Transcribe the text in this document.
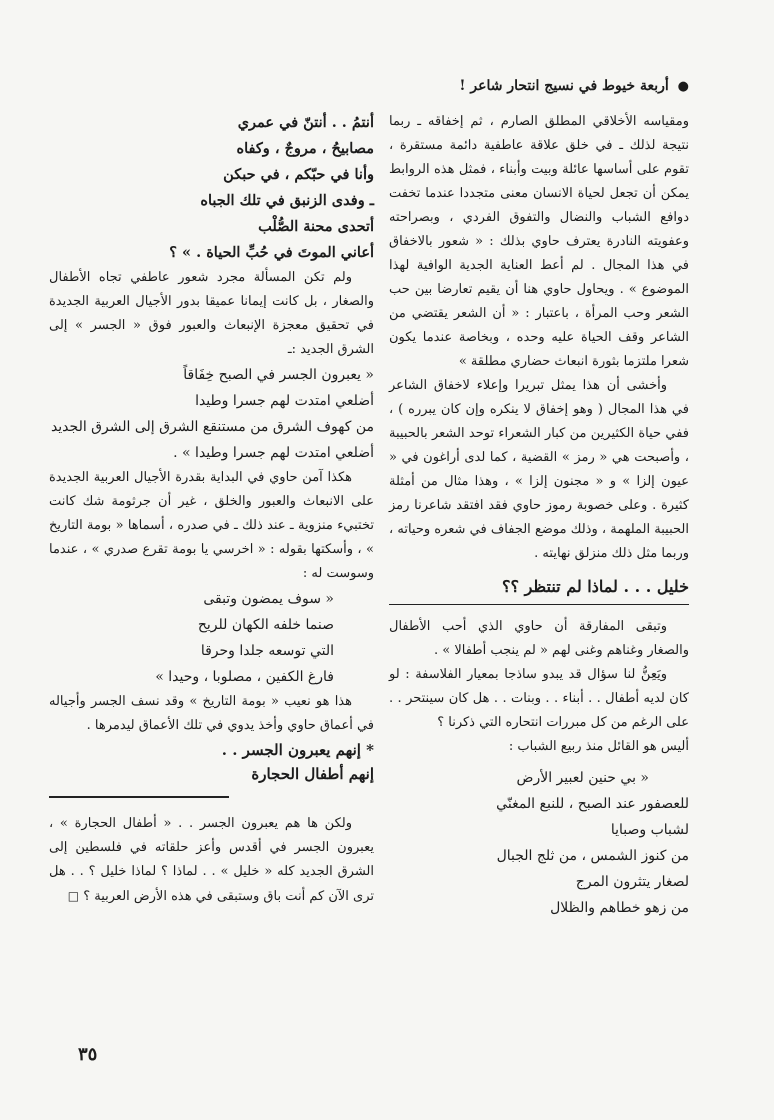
● أربعة خيوط في نسيج انتحار شاعر !

ومقياسه الأخلاقي المطلق الصارم ، ثم إخفاقه ـ ربما نتيجة لذلك ـ في خلق علاقة عاطفية دائمة مستقرة ، تقوم على أساسها عائلة وبيت وأبناء ، فمثل هذه الروابط يمكن أن تجعل لحياة الانسان معنى متجددا عندما تخفت دوافع الشباب والنضال والتفوق الفردي ، وبصراحته وعفويته النادرة يعترف حاوي بذلك : « شعور بالاخفاق في هذا المجال . لم أعط العناية الجدية الوافية لهذا الموضوع » . ويحاول حاوي هنا أن يقيم تعارضا بين حب الشعر وحب المرأة ، باعتبار : « أن الشعر يقتضي من الشاعر وقف الحياة عليه وحده ، وبخاصة عندما يكون شعرا ملتزما بثورة انبعاث حضاري مطلقة »

وأخشى أن هذا يمثل تبريرا وإعلاء لاخفاق الشاعر في هذا المجال ( وهو إخفاق لا ينكره وإن كان يبرره ) ، ففي حياة الكثيرين من كبار الشعراء توحد الشعر بالحبيبة ، وأصبحت هي « رمز » القضية ، كما لدى أراغون في « عيون إلزا » و « مجنون إلزا » ، وهذا مثال من أمثلة كثيرة . وعلى خصوبة رموز حاوي فقد افتقد شاعرنا رمز الحبيبة الملهمة ، وذلك موضع الجفاف في شعره وحياته ، وربما مثل ذلك منزلق نهايته .

خليل . . . لماذا لم تنتظر ؟؟

وتبقى المفارقة أن حاوي الذي أحب الأطفال والصغار وغناهم وغنى لهم « لم ينجب أطفالا » .

ويَعِنُّ لنا سؤال قد يبدو ساذجا بمعيار الفلاسفة : لو كان لديه أطفال . . أبناء . . وبنات . . هل كان سينتحر . . على الرغم من كل مبررات انتحاره التي ذكرنا ؟

أليس هو القائل منذ ربيع الشباب :

« بي حنين لعبير الأرض

للعصفور عند الصبح ، للنبع المغنّي

لشباب وصبايا

من كنوز الشمس ، من ثلج الجبال

لصغار يتثرون المرج

من زهو خطاهم والظلال

أنتمُ . . أنتنّ في عمري

مصابيحُ ، مروجٌ ، وكفاه

وأنا في حبّكم ، في حبكن

ـ وفدى الزنبق في تلك الجباه

أتحدى محنة الصُّلْب

أعاني الموتَ في حُبِّ الحياة . » ؟

ولم تكن المسألة مجرد شعور عاطفي تجاه الأطفال والصغار ، بل كانت إيمانا عميقا بدور الأجيال العربية الجديدة في تحقيق معجزة الإنبعاث والعبور فوق « الجسر » إلى الشرق الجديد :ـ

« يعبرون الجسر في الصبح خِفَاقاً

أضلعي امتدت لهم جسرا وطيدا

من كهوف الشرق من مستنقع الشرق إلى الشرق الجديد

أضلعي امتدت لهم جسرا وطيدا » .

هكذا آمن حاوي في البداية بقدرة الأجيال العربية الجديدة على الانبعاث والعبور والخلق ، غير أن جرثومة شك كانت تختبيء منزوية ـ عند ذلك ـ في صدره ، أسماها « بومة التاريخ » ، وأسكتها بقوله : « اخرسي يا بومة تقرع صدري » ، عندما وسوست له :

« سوف يمضون وتبقى

صنما خلفه الكهان للريح

التي توسعه جلدا وحرقا

فارغ الكفين ، مصلوبا ، وحيدا »

هذا هو نعيب « بومة التاريخ » وقد نسف الجسر وأجياله في أعماق حاوي وأخذ يدوي في تلك الأعماق ليدمرها .

* إنهم يعبرون الجسر . .
إنهم أطفال الحجارة

ولكن ها هم يعبرون الجسر . . « أطفال الحجارة » ، يعبرون الجسر في أقدس وأعز حلقاته في فلسطين إلى الشرق الجديد كله « خليل » . . لماذا ؟ لماذا خليل ؟ . . هل ترى الآن كم أنت باق وستبقى في هذه الأرض العربية ؟ □

٣٥
